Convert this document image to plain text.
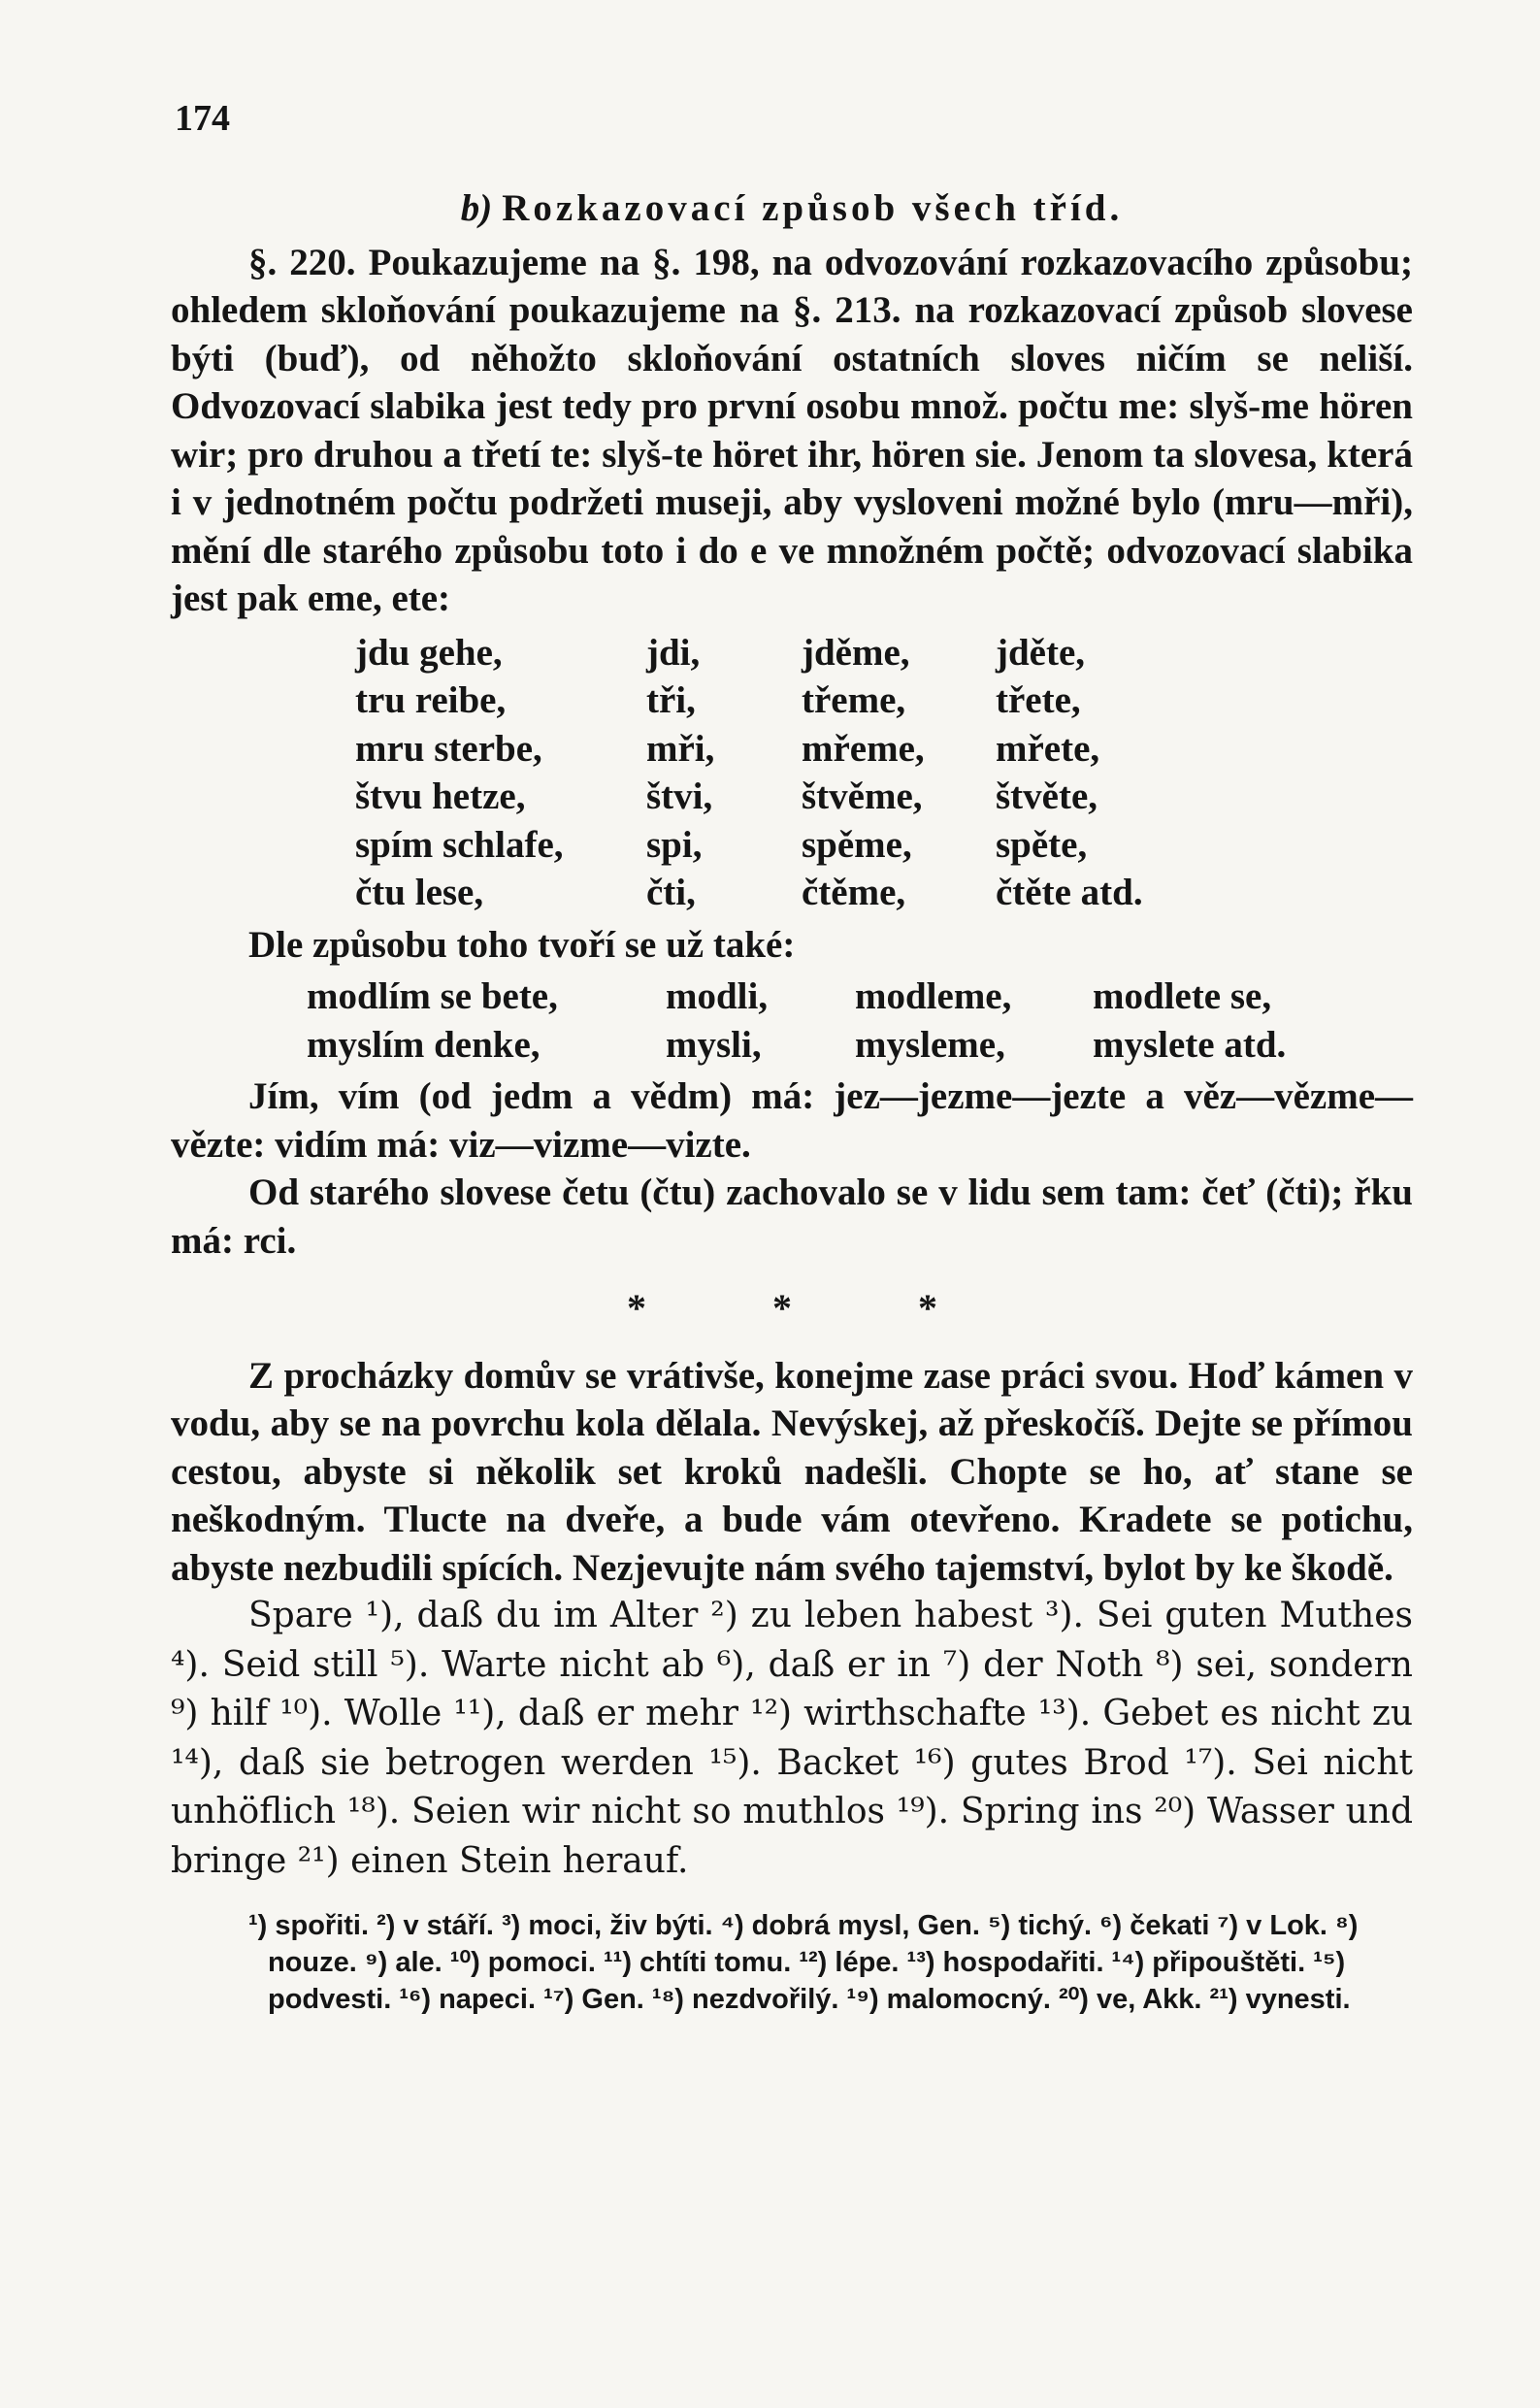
174
b) Rozkazovací způsob všech tříd.

§. 220. Poukazujeme na §. 198, na odvozování rozkazovacího způsobu; ohledem skloňování poukazujeme na §. 213. na rozkazovací způsob slovese býti (buď), od něhožto skloňování ostatních sloves ničím se neliší. Odvozovací slabika jest tedy pro první osobu množ. počtu me: slyš-me hören wir; pro druhou a třetí te: slyš-te höret ihr, hören sie. Jenom ta slovesa, která i v jednotném počtu podržeti museji, aby vysloveni možné bylo (mru—mři), mění dle starého způsobu toto i do e ve množném počtě; odvozovací slabika jest pak eme, ete:

jdu gehe,	jdi,	jděme,	jděte,
tru reibe,	tři,	třeme,	třete,
mru sterbe,	mři,	mřeme,	mřete,
štvu hetze,	štvi,	štvěme,	štvěte,
spím schlafe,	spi,	spěme,	spěte,
čtu lese,	čti,	čtěme,	čtěte atd.

Dle způsobu toho tvoří se už také:

modlím se bete,	modli,	modleme,	modlete se,
myslím denke,	mysli,	mysleme,	myslete atd.

Jím, vím (od jedm a vědm) má: jez—jezme—jezte a věz—vězme—vězte: vidím má: viz—vizme—vizte.

Od starého slovese četu (čtu) zachovalo se v lidu sem tam: čeť (čti); řku má: rci.

* * *

Z procházky domův se vrátivše, konejme zase práci svou. Hoď kámen v vodu, aby se na povrchu kola dělala. Nevýskej, až přeskočíš. Dejte se přímou cestou, abyste si několik set kroků nadešli. Chopte se ho, ať stane se neškodným. Tlucte na dveře, a bude vám otevřeno. Kradete se potichu, abyste nezbudili spících. Nezjevujte nám svého tajemství, bylot by ke škodě.

Spare ¹), daß du im Alter ²) zu leben habest ³). Sei guten Muthes ⁴). Seid still ⁵). Warte nicht ab ⁶), daß er in ⁷) der Noth ⁸) sei, sondern ⁹) hilf ¹⁰). Wolle ¹¹), daß er mehr ¹²) wirthschafte ¹³). Gebet es nicht zu ¹⁴), daß sie betrogen werden ¹⁵). Backet ¹⁶) gutes Brod ¹⁷). Sei nicht unhöflich ¹⁸). Seien wir nicht so muthlos ¹⁹). Spring ins ²⁰) Wasser und bringe ²¹) einen Stein herauf.

¹) spořiti. ²) v stáří. ³) moci, živ býti. ⁴) dobrá mysl, Gen. ⁵) tichý. ⁶) čekati ⁷) v Lok. ⁸) nouze. ⁹) ale. ¹⁰) pomoci. ¹¹) chtíti tomu. ¹²) lépe. ¹³) hospodařiti. ¹⁴) připouštěti. ¹⁵) podvesti. ¹⁶) napeci. ¹⁷) Gen. ¹⁸) nezdvořilý. ¹⁹) malomocný. ²⁰) ve, Akk. ²¹) vynesti.
